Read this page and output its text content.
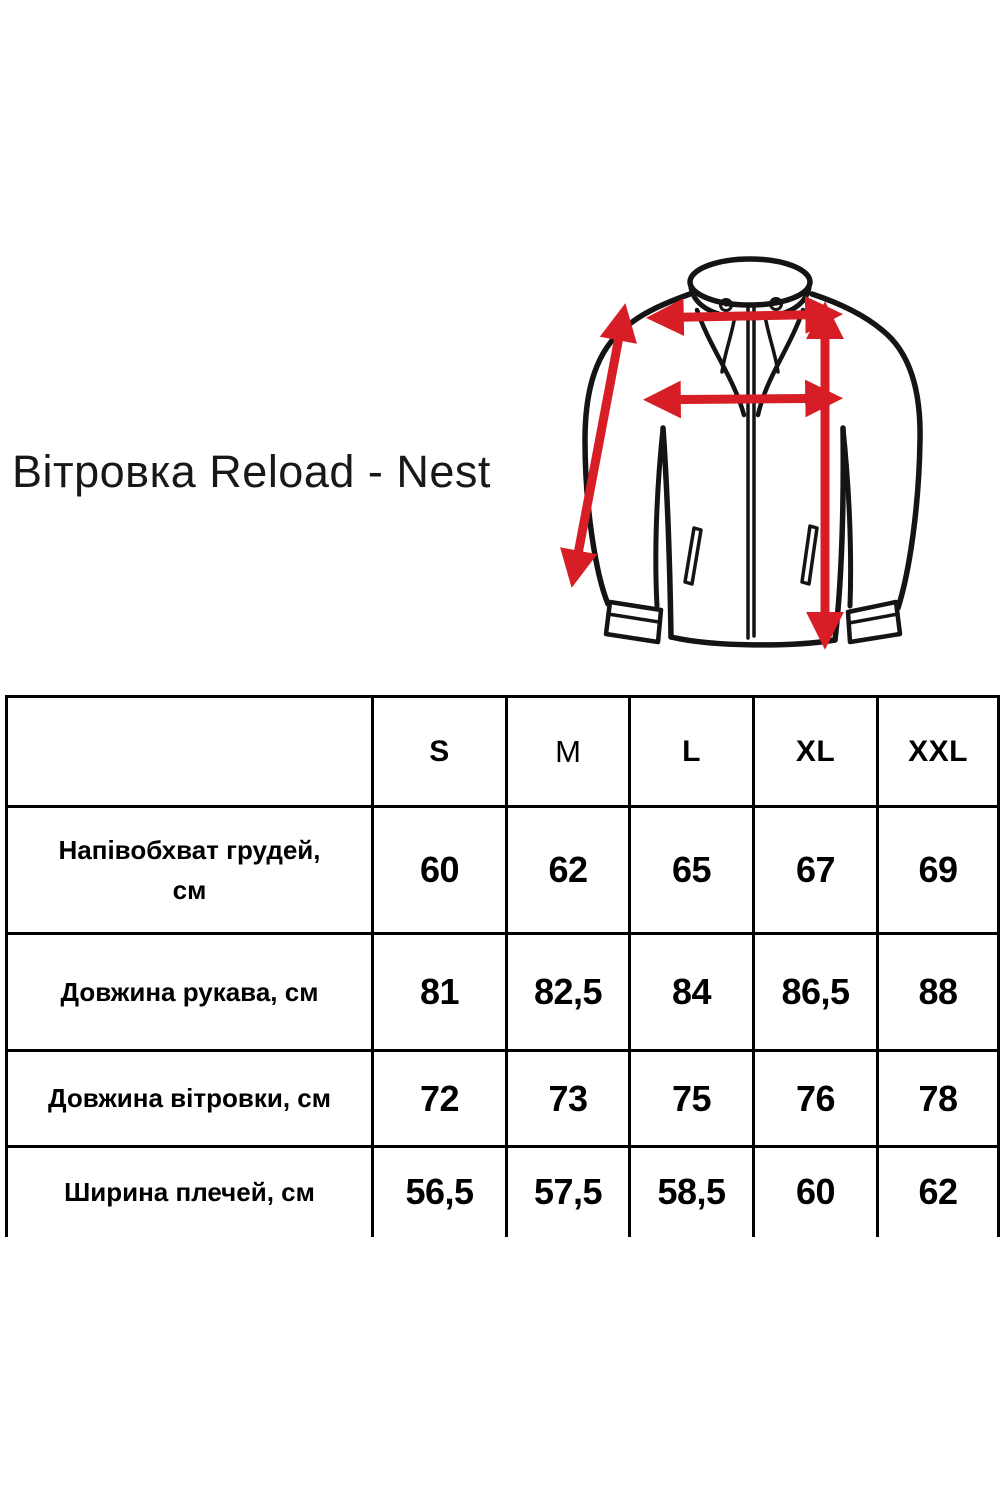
Вітровка Reload - Nest
	S	M	L	XL	XXL
Напівобхват грудей,
см	60	62	65	67	69
Довжина рукава, см	81	82,5	84	86,5	88
Довжина вітровки, см	72	73	75	76	78
Ширина плечей, см	56,5	57,5	58,5	60	62
